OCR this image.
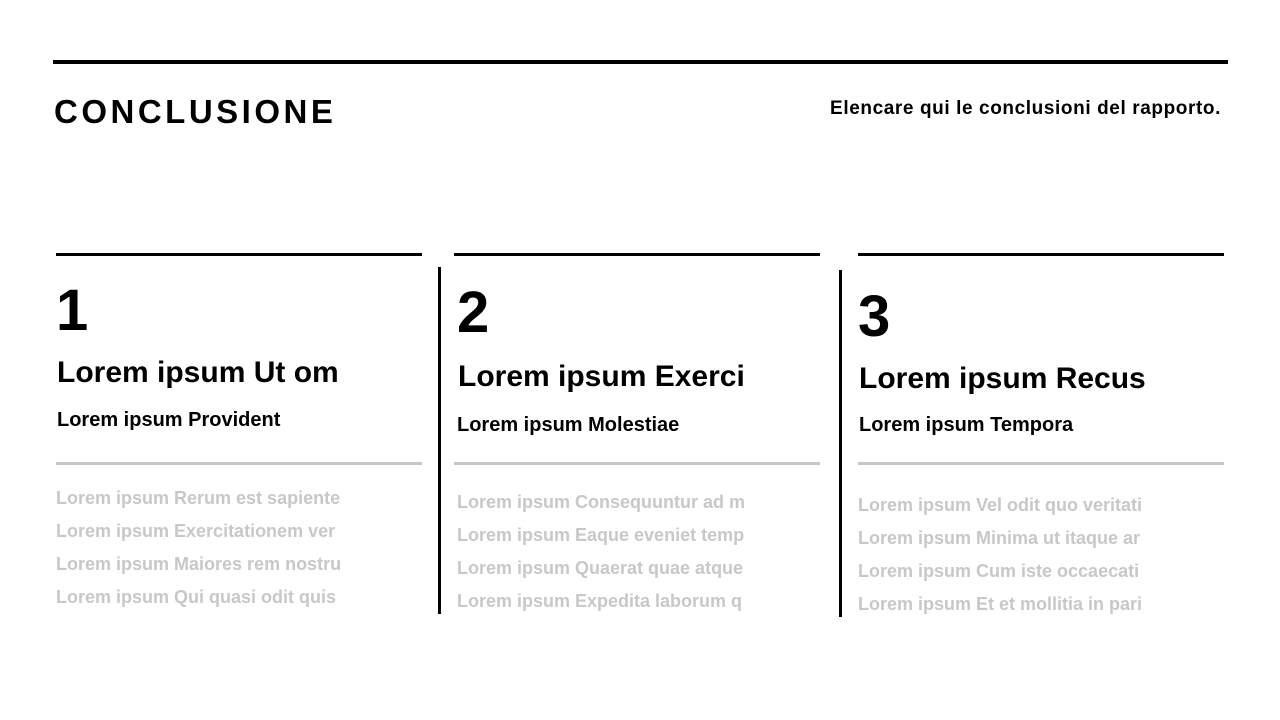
CONCLUSIONE	Elencare qui le conclusioni del rapporto.

1
Lorem ipsum Ut om
Lorem ipsum Provident
Lorem ipsum Rerum est sapiente
Lorem ipsum Exercitationem ver
Lorem ipsum Maiores rem nostru
Lorem ipsum Qui quasi odit quis
2
Lorem ipsum Exerci
Lorem ipsum Molestiae
Lorem ipsum Consequuntur ad m
Lorem ipsum Eaque eveniet temp
Lorem ipsum Quaerat quae atque
Lorem ipsum Expedita laborum q
3
Lorem ipsum Recus
Lorem ipsum Tempora
Lorem ipsum Vel odit quo veritati
Lorem ipsum Minima ut itaque ar
Lorem ipsum Cum iste occaecati
Lorem ipsum Et et mollitia in pari
